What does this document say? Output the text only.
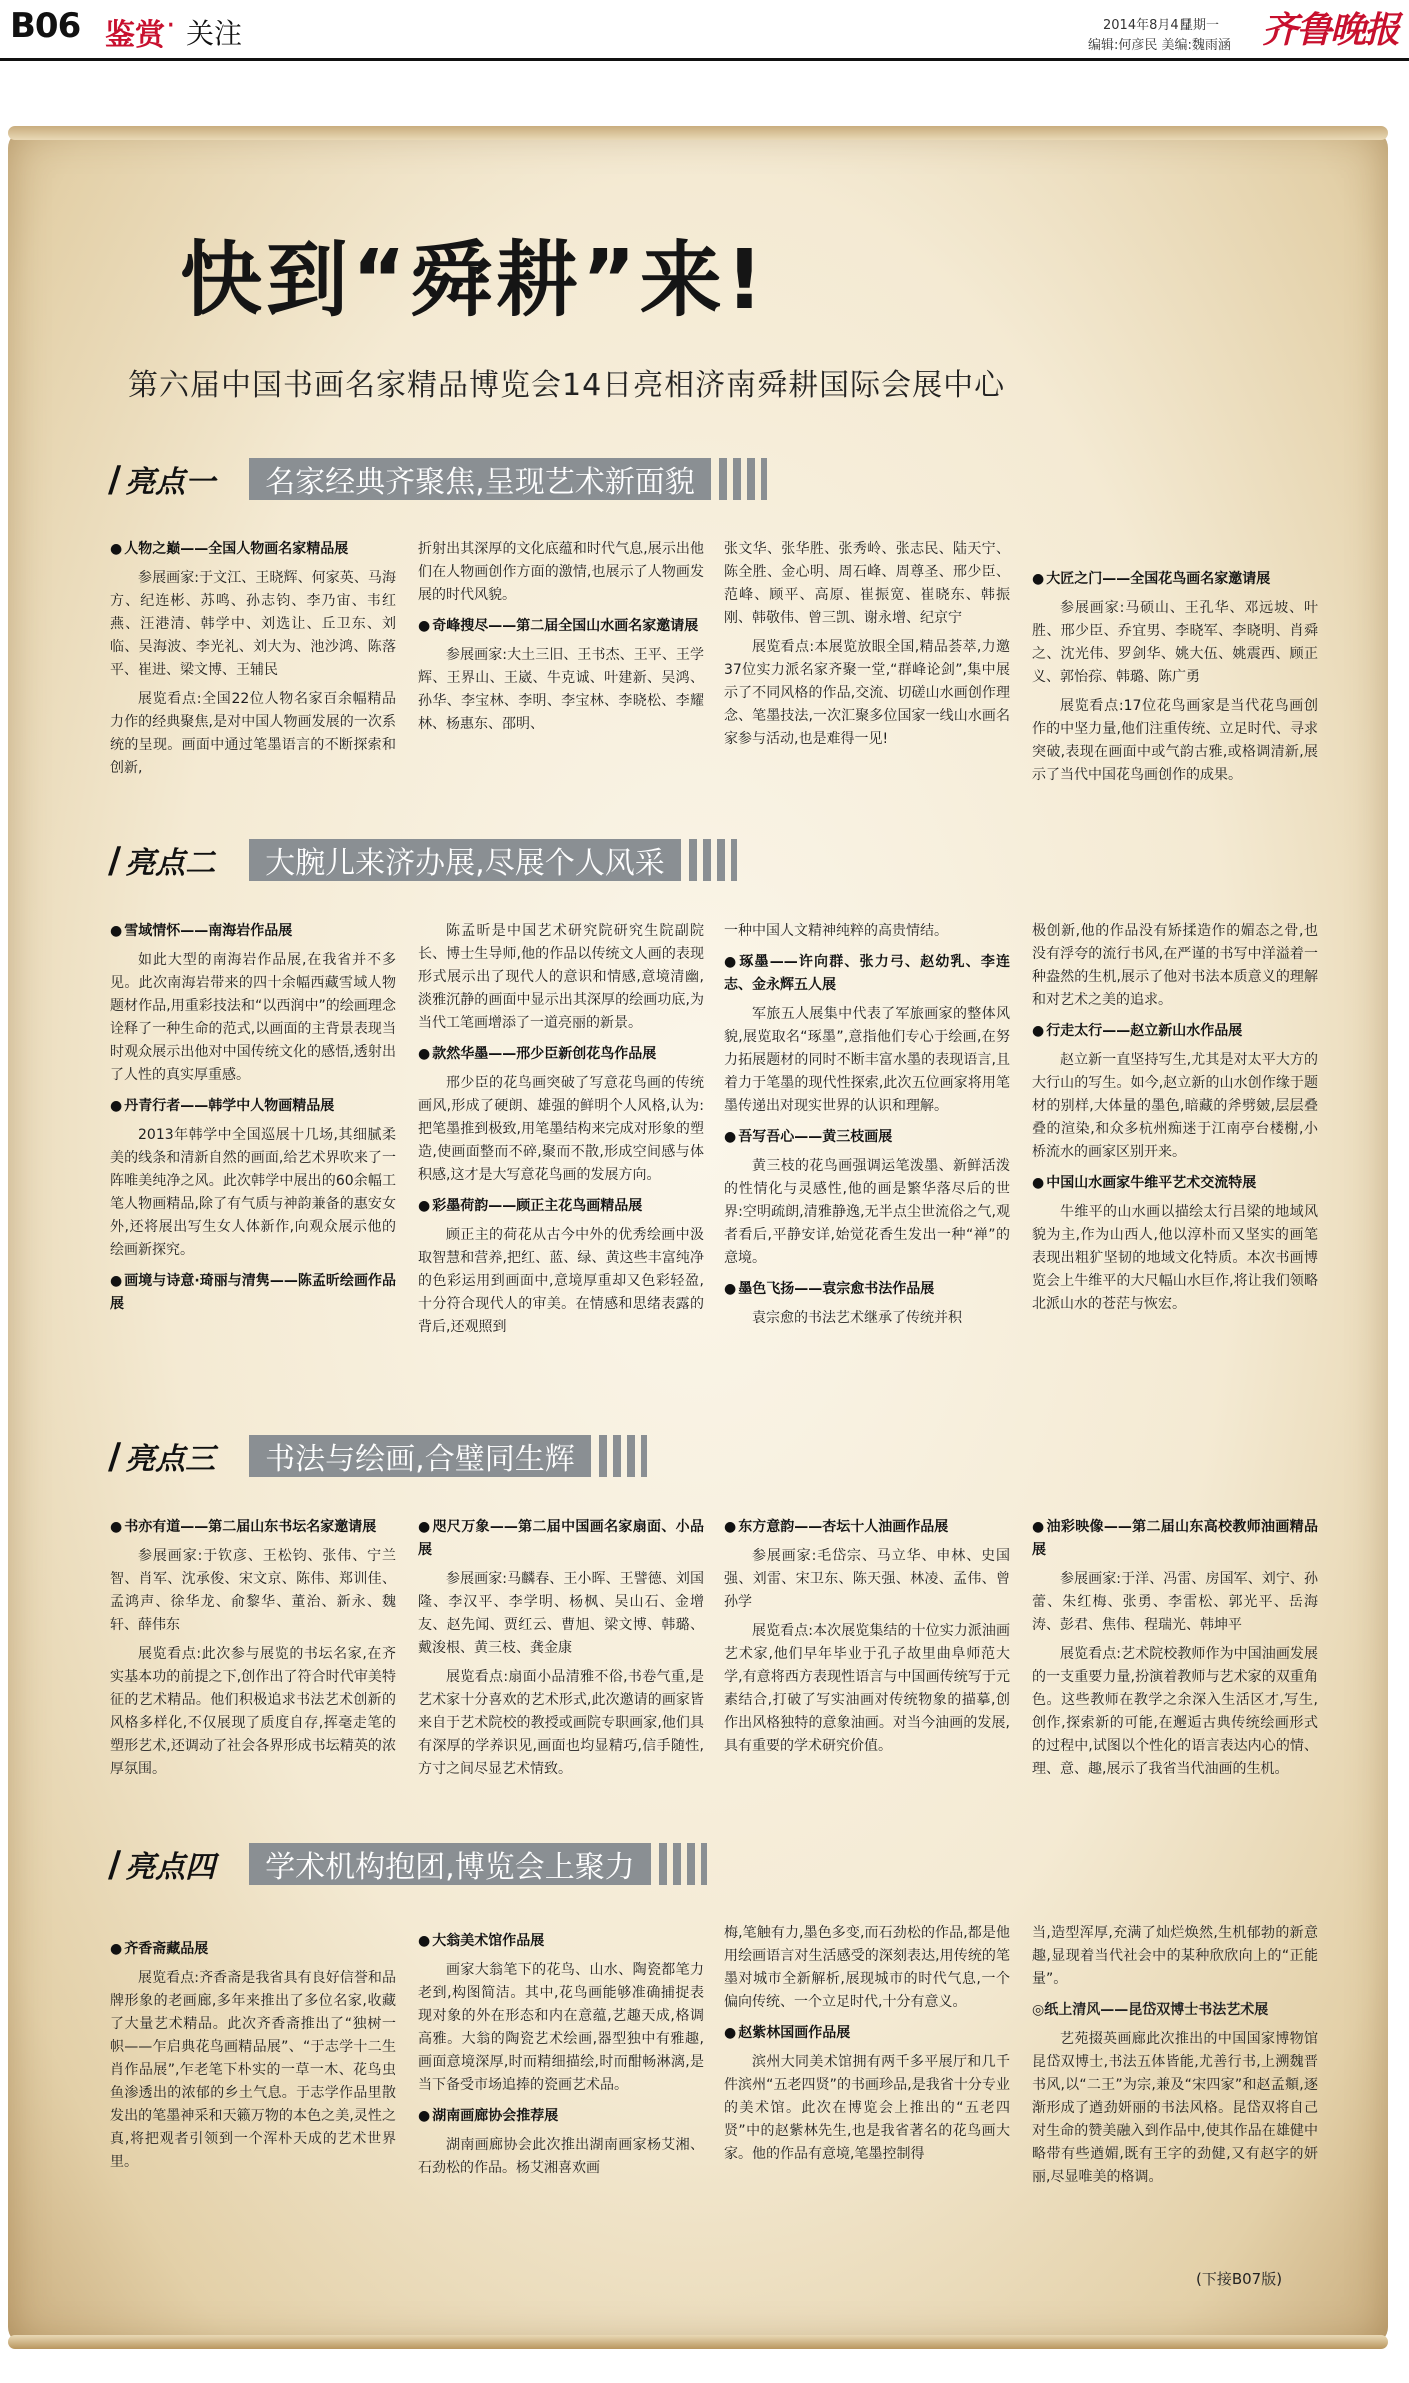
B06 鉴赏 · 关注	2014年8月4日
星期一
编辑:何彦民 美编:魏雨涵 齐鲁晚报
快到“舜耕”来!
第六届中国书画名家精品博览会14日亮相济南舜耕国际会展中心
/ 亮点一	名家经典齐聚焦,呈现艺术新面貌

● 人物之巅——全国人物画名家精品展

参展画家:于文江、王晓辉、何家英、马海方、纪连彬、苏鸣、孙志钧、李乃宙、韦红燕、汪港清、韩学中、刘选让、丘卫东、刘临、吴海波、李光礼、刘大为、池沙鸿、陈落平、崔进、梁文博、王辅民

展览看点:全国22位人物名家百余幅精品力作的经典聚焦,是对中国人物画发展的一次系统的呈现。画面中通过笔墨语言的不断探索和创新,

折射出其深厚的文化底蕴和时代气息,展示出他们在人物画创作方面的激情,也展示了人物画发展的时代风貌。

● 奇峰搜尽——第二届全国山水画名家邀请展

参展画家:大土三旧、王书杰、王平、王学辉、王界山、王崴、牛克诚、叶建新、吴鸿、孙华、李宝林、李明、李宝林、李晓松、李耀林、杨惠东、邵明、

张文华、张华胜、张秀岭、张志民、陆天宁、陈全胜、金心明、周石峰、周尊圣、邢少臣、范峰、顾平、高原、崔振宽、崔晓东、韩振刚、韩敬伟、曾三凯、谢永增、纪京宁

展览看点:本展览放眼全国,精品荟萃,力邀37位实力派名家齐聚一堂,“群峰论剑”,集中展示了不同风格的作品,交流、切磋山水画创作理念、笔墨技法,一次汇聚多位国家一线山水画名家参与活动,也是难得一见!

● 大匠之门——全国花鸟画名家邀请展

参展画家:马硕山、王孔华、邓远坡、叶胜、邢少臣、乔宜男、李晓军、李晓明、肖舜之、沈光伟、罗剑华、姚大伍、姚震西、顾正义、郭怡孮、韩璐、陈广勇

展览看点:17位花鸟画家是当代花鸟画创作的中坚力量,他们注重传统、立足时代、寻求突破,表现在画面中或气韵古雅,或格调清新,展示了当代中国花鸟画创作的成果。

/ 亮点二	大腕儿来济办展,尽展个人风采

● 雪域情怀——南海岩作品展

如此大型的南海岩作品展,在我省并不多见。此次南海岩带来的四十余幅西藏雪域人物题材作品,用重彩技法和“以西润中”的绘画理念诠释了一种生命的范式,以画面的主背景表现当时观众展示出他对中国传统文化的感悟,透射出了人性的真实厚重感。

● 丹青行者——韩学中人物画精品展

2013年韩学中全国巡展十几场,其细腻柔美的线条和清新自然的画面,给艺术界吹来了一阵唯美纯净之风。此次韩学中展出的60余幅工笔人物画精品,除了有气质与神韵兼备的惠安女外,还将展出写生女人体新作,向观众展示他的绘画新探究。

● 画境与诗意·琦丽与清隽——陈孟昕绘画作品展

陈孟昕是中国艺术研究院研究生院副院长、博士生导师,他的作品以传统文人画的表现形式展示出了现代人的意识和情感,意境清幽,淡雅沉静的画面中显示出其深厚的绘画功底,为当代工笔画增添了一道亮丽的新景。

● 款然华墨——邢少臣新创花鸟作品展

邢少臣的花鸟画突破了写意花鸟画的传统画风,形成了硬朗、雄强的鲜明个人风格,认为:把笔墨推到极致,用笔墨结构来完成对形象的塑造,使画面整而不碎,聚而不散,形成空间感与体积感,这才是大写意花鸟画的发展方向。

● 彩墨荷韵——顾正主花鸟画精品展

顾正主的荷花从古今中外的优秀绘画中汲取智慧和营养,把红、蓝、绿、黄这些丰富纯净的色彩运用到画面中,意境厚重却又色彩轻盈,十分符合现代人的审美。在情感和思绪表露的背后,还观照到

一种中国人文精神纯粹的高贵情结。

● 琢墨——许向群、张力弓、赵幼乳、李连志、金永辉五人展

军旅五人展集中代表了军旅画家的整体风貌,展览取名“琢墨”,意指他们专心于绘画,在努力拓展题材的同时不断丰富水墨的表现语言,且着力于笔墨的现代性探索,此次五位画家将用笔墨传递出对现实世界的认识和理解。

● 吾写吾心——黄三枝画展

黄三枝的花鸟画强调运笔泼墨、新鲜活泼的性情化与灵感性,他的画是繁华落尽后的世界:空明疏朗,清雅静逸,无半点尘世流俗之气,观者看后,平静安详,始觉花香生发出一种“禅”的意境。

● 墨色飞扬——袁宗愈书法作品展

袁宗愈的书法艺术继承了传统并积

极创新,他的作品没有矫揉造作的媚态之骨,也没有浮夸的流行书风,在严谨的书写中洋溢着一种盎然的生机,展示了他对书法本质意义的理解和对艺术之美的追求。

● 行走太行——赵立新山水作品展

赵立新一直坚持写生,尤其是对太平大方的大行山的写生。如今,赵立新的山水创作缘于题材的别样,大体量的墨色,暗藏的斧劈皴,层层叠叠的渲染,和众多杭州痴迷于江南亭台楼榭,小桥流水的画家区别开来。

● 中国山水画家牛维平艺术交流特展

牛维平的山水画以描绘太行吕梁的地域风貌为主,作为山西人,他以淳朴而又坚实的画笔表现出粗犷坚韧的地域文化特质。本次书画博览会上牛维平的大尺幅山水巨作,将让我们领略北派山水的苍茫与恢宏。

/ 亮点三	书法与绘画,合璧同生辉

● 书亦有道——第二届山东书坛名家邀请展

参展画家:于钦彦、王松钧、张伟、宁兰智、肖军、沈承俊、宋文京、陈伟、郑训佳、孟鸿声、徐华龙、俞黎华、董治、新永、魏轩、薛伟东

展览看点:此次参与展览的书坛名家,在齐实基本功的前提之下,创作出了符合时代审美特征的艺术精品。他们积极追求书法艺术创新的风格多样化,不仅展现了质度自存,挥毫走笔的塑形艺术,还调动了社会各界形成书坛精英的浓厚氛围。

● 咫尺万象——第二届中国画名家扇面、小品展

参展画家:马麟春、王小晖、王譬德、刘国隆、李汉平、李学明、杨枫、吴山石、金增友、赵先闻、贾红云、曹旭、梁文博、韩璐、戴浚根、黄三枝、龚金康

展览看点:扇面小品清雅不俗,书卷气重,是艺术家十分喜欢的艺术形式,此次邀请的画家皆来自于艺术院校的教授或画院专职画家,他们具有深厚的学养识见,画面也均显精巧,信手随性,方寸之间尽显艺术情致。

● 东方意韵——杏坛十人油画作品展

参展画家:毛岱宗、马立华、申林、史国强、刘雷、宋卫东、陈天强、林凌、孟伟、曾孙学

展览看点:本次展览集结的十位实力派油画艺术家,他们早年毕业于孔子故里曲阜师范大学,有意将西方表现性语言与中国画传统写于元素结合,打破了写实油画对传统物象的描摹,创作出风格独特的意象油画。对当今油画的发展,具有重要的学术研究价值。

● 油彩映像——第二届山东高校教师油画精品展

参展画家:于洋、冯雷、房国军、刘宁、孙蕾、朱红梅、张勇、李雷松、郭光平、岳海涛、彭君、焦伟、程瑞光、韩坤平

展览看点:艺术院校教师作为中国油画发展的一支重要力量,扮演着教师与艺术家的双重角色。这些教师在教学之余深入生活区才,写生,创作,探索新的可能,在邂逅古典传统绘画形式的过程中,试图以个性化的语言表达内心的情、理、意、趣,展示了我省当代油画的生机。

/ 亮点四	学术机构抱团,博览会上聚力

● 齐香斋藏品展

展览看点:齐香斋是我省具有良好信誉和品牌形象的老画廊,多年来推出了多位名家,收藏了大量艺术精品。此次齐香斋推出了“独树一帜——乍启典花鸟画精品展”、“于志学十二生肖作品展”,乍老笔下朴实的一草一木、花鸟虫鱼渗透出的浓郁的乡土气息。于志学作品里散发出的笔墨神采和天籁万物的本色之美,灵性之真,将把观者引领到一个浑朴天成的艺术世界里。

● 大翁美术馆作品展

画家大翁笔下的花鸟、山水、陶瓷都笔力老到,构图简洁。其中,花鸟画能够准确捕捉表现对象的外在形态和内在意蕴,艺趣天成,格调高雅。大翁的陶瓷艺术绘画,器型独中有雅趣,画面意境深厚,时而精细描绘,时而酣畅淋漓,是当下备受市场追捧的瓷画艺术品。

● 湖南画廊协会推荐展

湖南画廊协会此次推出湖南画家杨艾湘、石劲松的作品。杨艾湘喜欢画

梅,笔触有力,墨色多变,而石劲松的作品,都是他用绘画语言对生活感受的深刻表达,用传统的笔墨对城市全新解析,展现城市的时代气息,一个偏向传统、一个立足时代,十分有意义。

● 赵紫林国画作品展

滨州大同美术馆拥有两千多平展厅和几千件滨州“五老四贤”的书画珍品,是我省十分专业的美术馆。此次在博览会上推出的“五老四贤”中的赵紫林先生,也是我省著名的花鸟画大家。他的作品有意境,笔墨控制得

当,造型浑厚,充满了灿烂焕然,生机郁勃的新意趣,显现着当代社会中的某种欣欣向上的“正能量”。

◎纸上清风——昆岱双博士书法艺术展

艺苑掇英画廊此次推出的中国国家博物馆昆岱双博士,书法五体皆能,尤善行书,上溯魏晋书风,以“二王”为宗,兼及“宋四家”和赵孟頫,逐渐形成了遒劲妍丽的书法风格。昆岱双将自己对生命的赞美融入到作品中,使其作品在雄健中略带有些遒媚,既有王字的劲健,又有赵字的妍丽,尽显唯美的格调。

(下接B07版)
